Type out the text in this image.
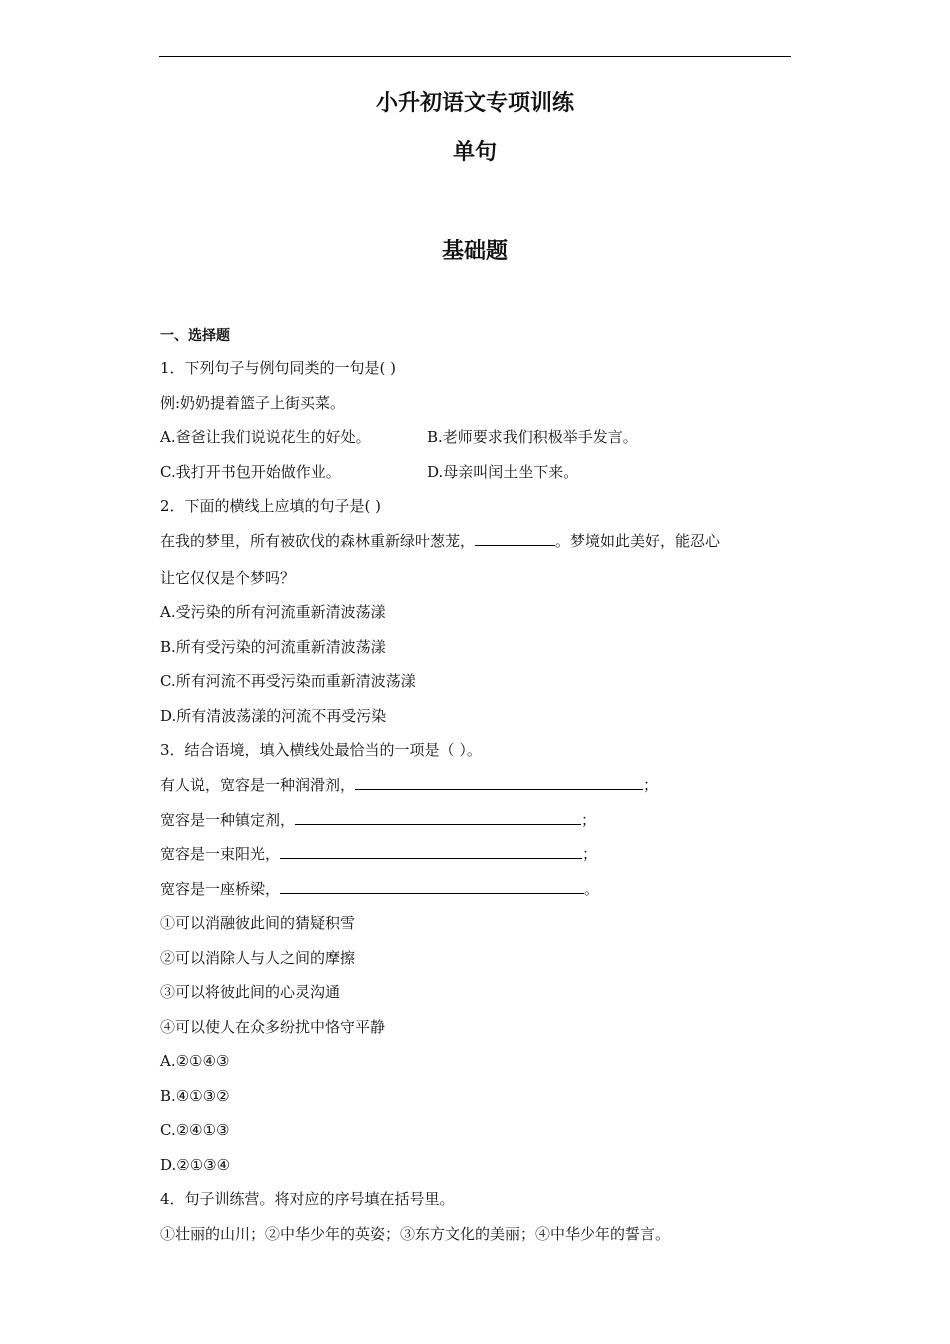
小升初语文专项训练
单句
基础题
一、选择题
1．下列句子与例句同类的一句是( )
例:奶奶提着篮子上街买菜。
A.爸爸让我们说说花生的好处。	B.老师要求我们积极举手发言。
C.我打开书包开始做作业。	D.母亲叫闰土坐下来。
2．下面的横线上应填的句子是( )
在我的梦里，所有被砍伐的森林重新绿叶葱茏，	。梦境如此美好，能忍心
让它仅仅是个梦吗？
A.受污染的所有河流重新清波荡漾
B.所有受污染的河流重新清波荡漾
C.所有河流不再受污染而重新清波荡漾
D.所有清波荡漾的河流不再受污染
3．结合语境，填入横线处最恰当的一项是（ ）。
有人说，宽容是一种润滑剂，	；
宽容是一种镇定剂，	；
宽容是一束阳光，	；
宽容是一座桥梁，	。
①可以消融彼此间的猜疑积雪
②可以消除人与人之间的摩擦
③可以将彼此间的心灵沟通
④可以使人在众多纷扰中恪守平静
A.②①④③
B.④①③②
C.②④①③
D.②①③④
4．句子训练营。将对应的序号填在括号里。
①壮丽的山川；②中华少年的英姿；③东方文化的美丽；④中华少年的誓言。
